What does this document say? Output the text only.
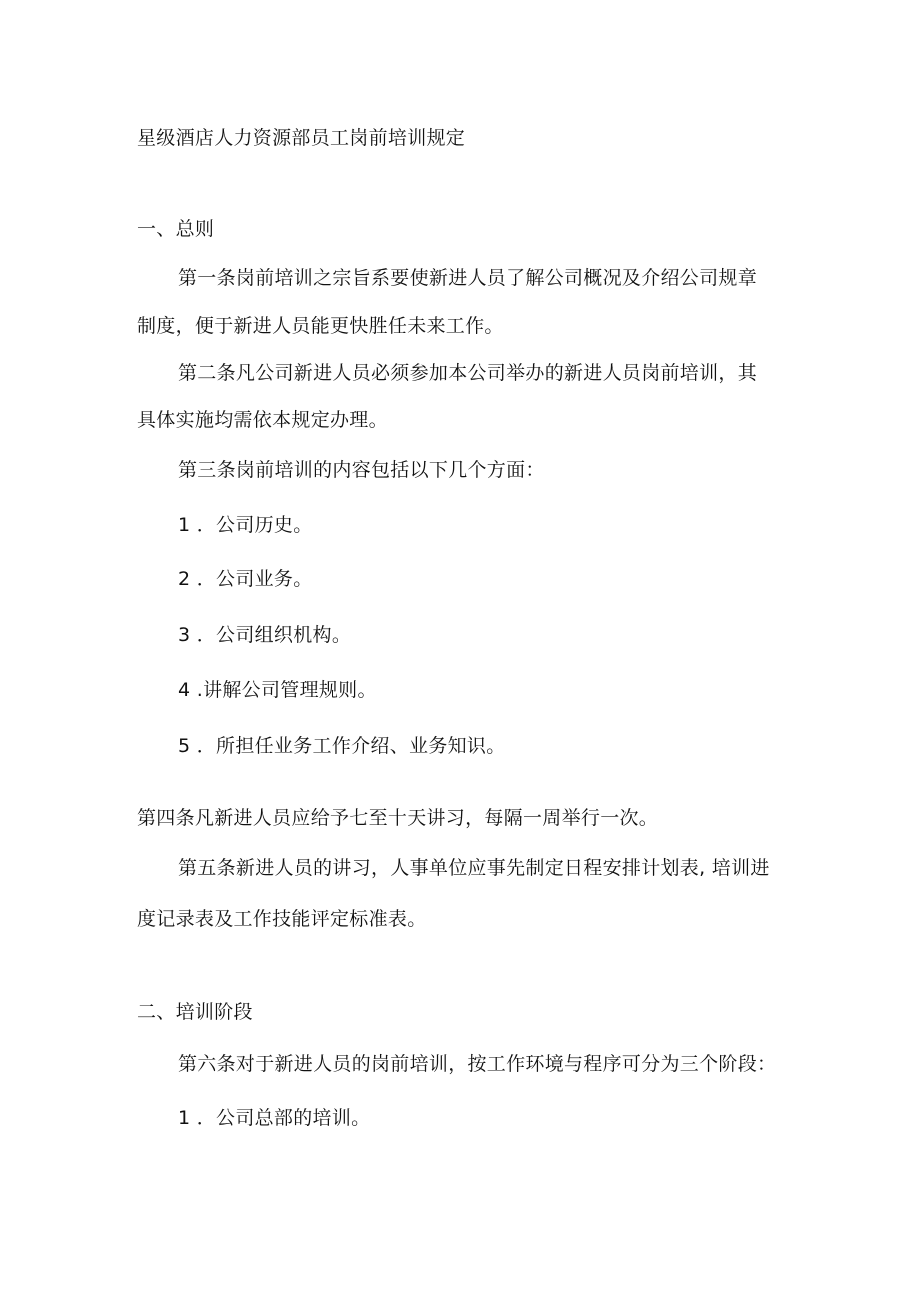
星级酒店人力资源部员工岗前培训规定
一、总则
第一条岗前培训之宗旨系要使新进人员了解公司概况及介绍公司规章
制度，便于新进人员能更快胜任未来工作。
第二条凡公司新进人员必须参加本公司举办的新进人员岗前培训，其
具体实施均需依本规定办理。
第三条岗前培训的内容包括以下几个方面：
1 ．公司历史。
2 ．公司业务。
3 ．公司组织机构。
4 .讲解公司管理规则。
5 ．所担任业务工作介绍、业务知识。
第四条凡新进人员应给予七至十天讲习，每隔一周举行一次。
第五条新进人员的讲习，人事单位应事先制定日程安排计划表, 培训进
度记录表及工作技能评定标准表。
二、培训阶段
第六条对于新进人员的岗前培训，按工作环境与程序可分为三个阶段：
1 ．公司总部的培训。
